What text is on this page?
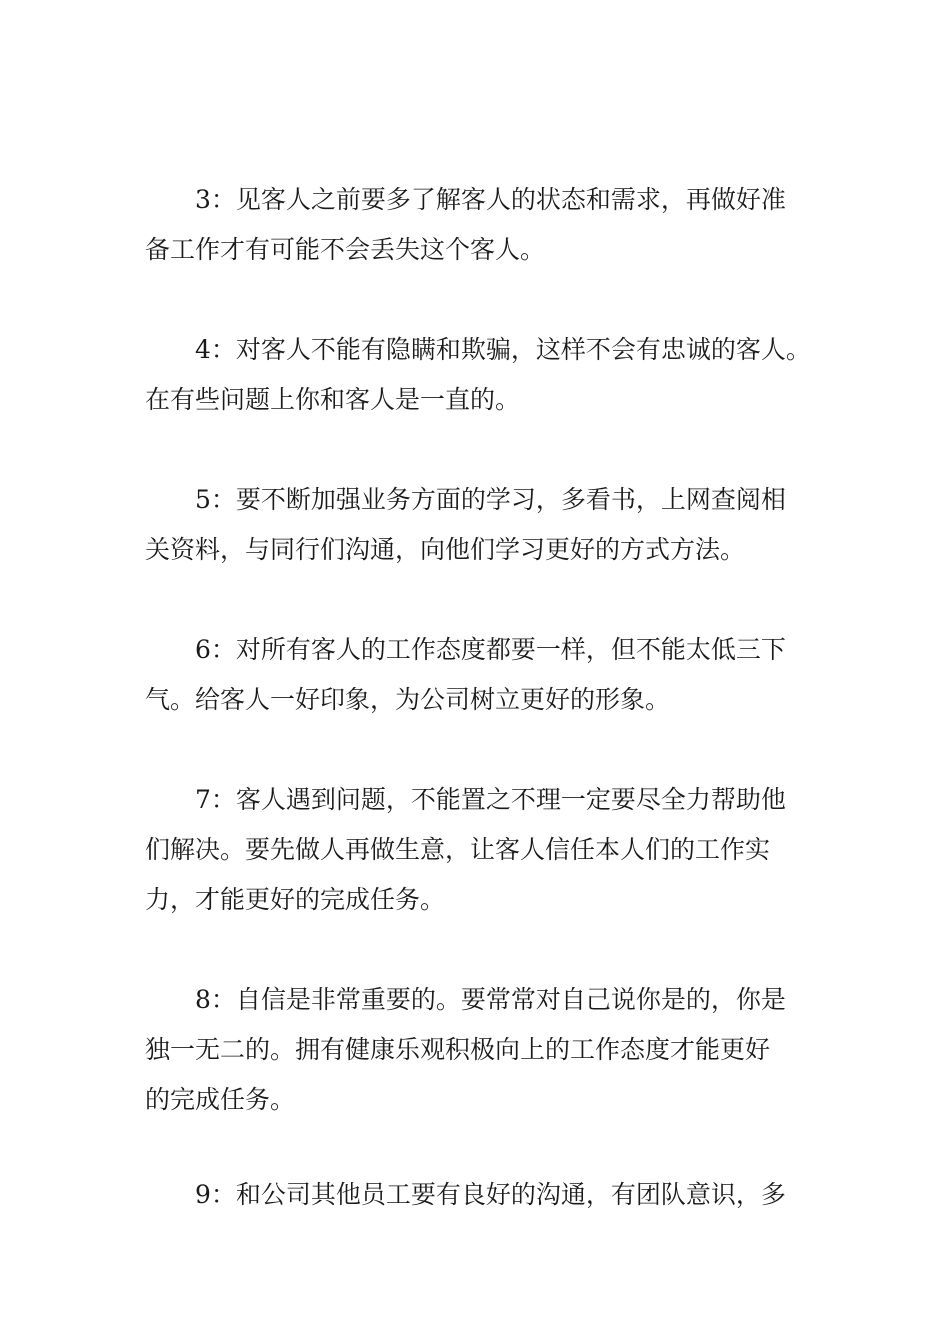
3：见客人之前要多了解客人的状态和需求，再做好准
备工作才有可能不会丢失这个客人。
4：对客人不能有隐瞒和欺骗，这样不会有忠诚的客人。
在有些问题上你和客人是一直的。
5：要不断加强业务方面的学习，多看书，上网查阅相
关资料，与同行们沟通，向他们学习更好的方式方法。
6：对所有客人的工作态度都要一样，但不能太低三下
气。给客人一好印象，为公司树立更好的形象。
7：客人遇到问题，不能置之不理一定要尽全力帮助他
们解决。要先做人再做生意，让客人信任本人们的工作实
力，才能更好的完成任务。
8：自信是非常重要的。要常常对自己说你是的，你是
独一无二的。拥有健康乐观积极向上的工作态度才能更好
的完成任务。
9：和公司其他员工要有良好的沟通，有团队意识，多
